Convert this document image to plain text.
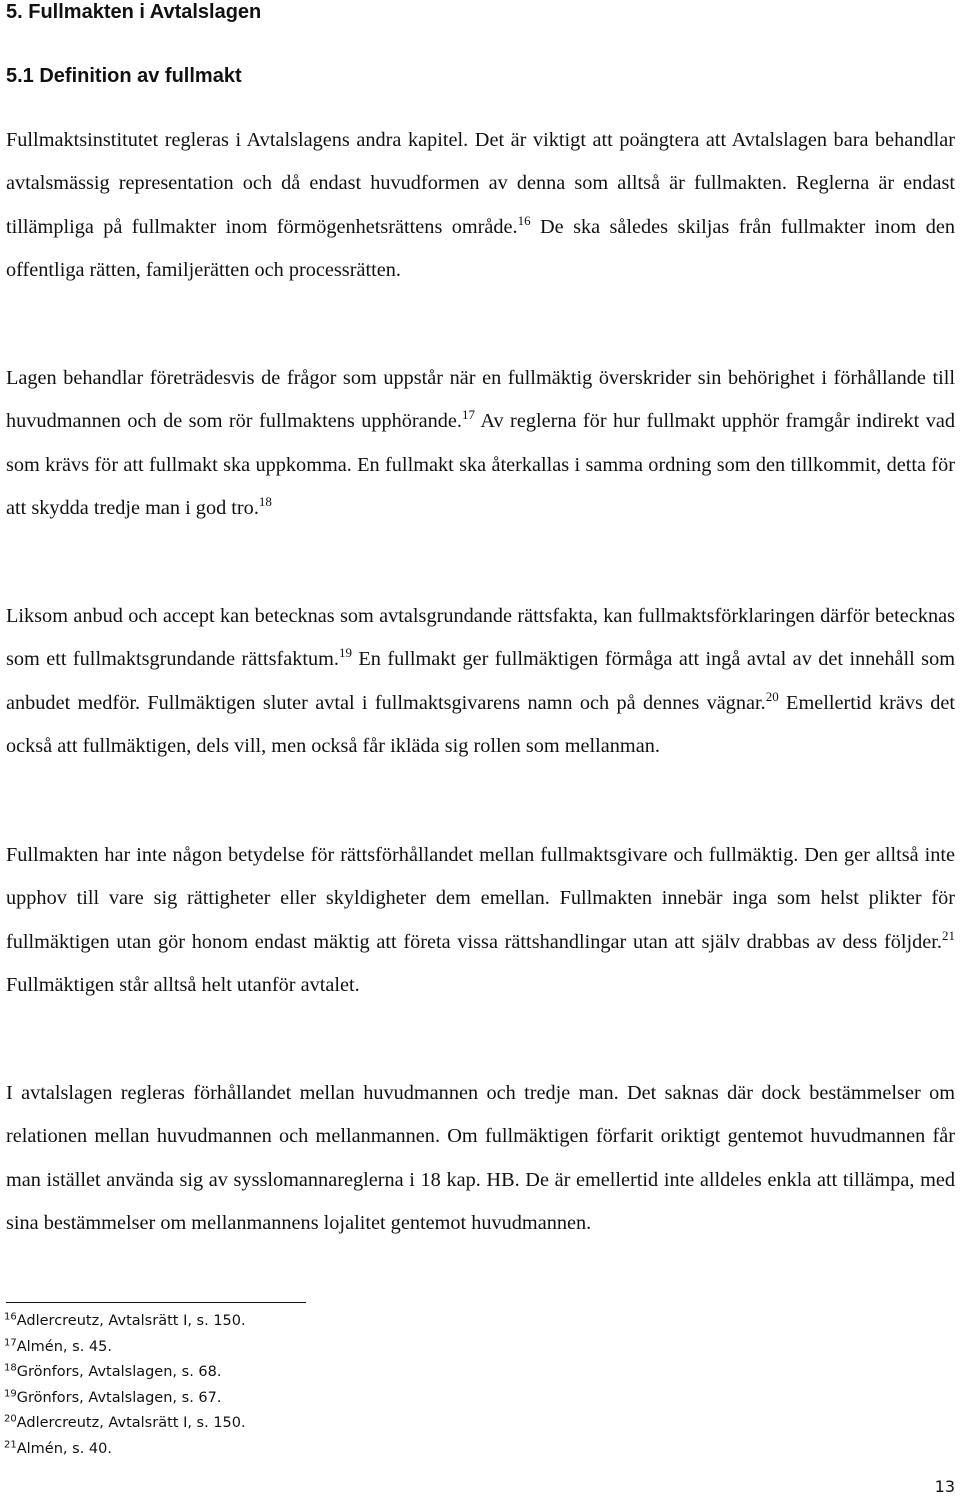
5. Fullmakten i Avtalslagen
5.1 Definition av fullmakt

Fullmaktsinstitutet regleras i Avtalslagens andra kapitel. Det är viktigt att poängtera att Avtalslagen bara behandlar avtalsmässig representation och då endast huvudformen av denna som alltså är fullmakten. Reglerna är endast tillämpliga på fullmakter inom förmögenhetsrättens område.$^{16}$ De ska således skiljas från fullmakter inom den offentliga rätten, familjerätten och processrätten.

Lagen behandlar företrädesvis de frågor som uppstår när en fullmäktig överskrider sin behörighet i förhållande till huvudmannen och de som rör fullmaktens upphörande.$^{17}$ Av reglerna för hur fullmakt upphör framgår indirekt vad som krävs för att fullmakt ska uppkomma. En fullmakt ska återkallas i samma ordning som den tillkommit, detta för att skydda tredje man i god tro.$^{18}$

Liksom anbud och accept kan betecknas som avtalsgrundande rättsfakta, kan fullmaktsförklaringen därför betecknas som ett fullmaktsgrundande rättsfaktum.$^{19}$ En fullmakt ger fullmäktigen förmåga att ingå avtal av det innehåll som anbudet medför. Fullmäktigen sluter avtal i fullmaktsgivarens namn och på dennes vägnar.$^{20}$ Emellertid krävs det också att fullmäktigen, dels vill, men också får ikläda sig rollen som mellanman.

Fullmakten har inte någon betydelse för rättsförhållandet mellan fullmaktsgivare och fullmäktig. Den ger alltså inte upphov till vare sig rättigheter eller skyldigheter dem emellan. Fullmakten innebär inga som helst plikter för fullmäktigen utan gör honom endast mäktig att företa vissa rättshandlingar utan att själv drabbas av dess följder.$^{21}$ Fullmäktigen står alltså helt utanför avtalet.

I avtalslagen regleras förhållandet mellan huvudmannen och tredje man. Det saknas där dock bestämmelser om relationen mellan huvudmannen och mellanmannen. Om fullmäktigen förfarit oriktigt gentemot huvudmannen får man istället använda sig av sysslomannareglerna i 18 kap. HB. De är emellertid inte alldeles enkla att tillämpa, med sina bestämmelser om mellanmannens lojalitet gentemot huvudmannen.

$^{16}$Adlercreutz, Avtalsrätt I, s. 150.
$^{17}$Almén, s. 45.
$^{18}$Grönfors, Avtalslagen, s. 68.
$^{19}$Grönfors, Avtalslagen, s. 67.
$^{20}$Adlercreutz, Avtalsrätt I, s. 150.
$^{21}$Almén, s. 40.
13
